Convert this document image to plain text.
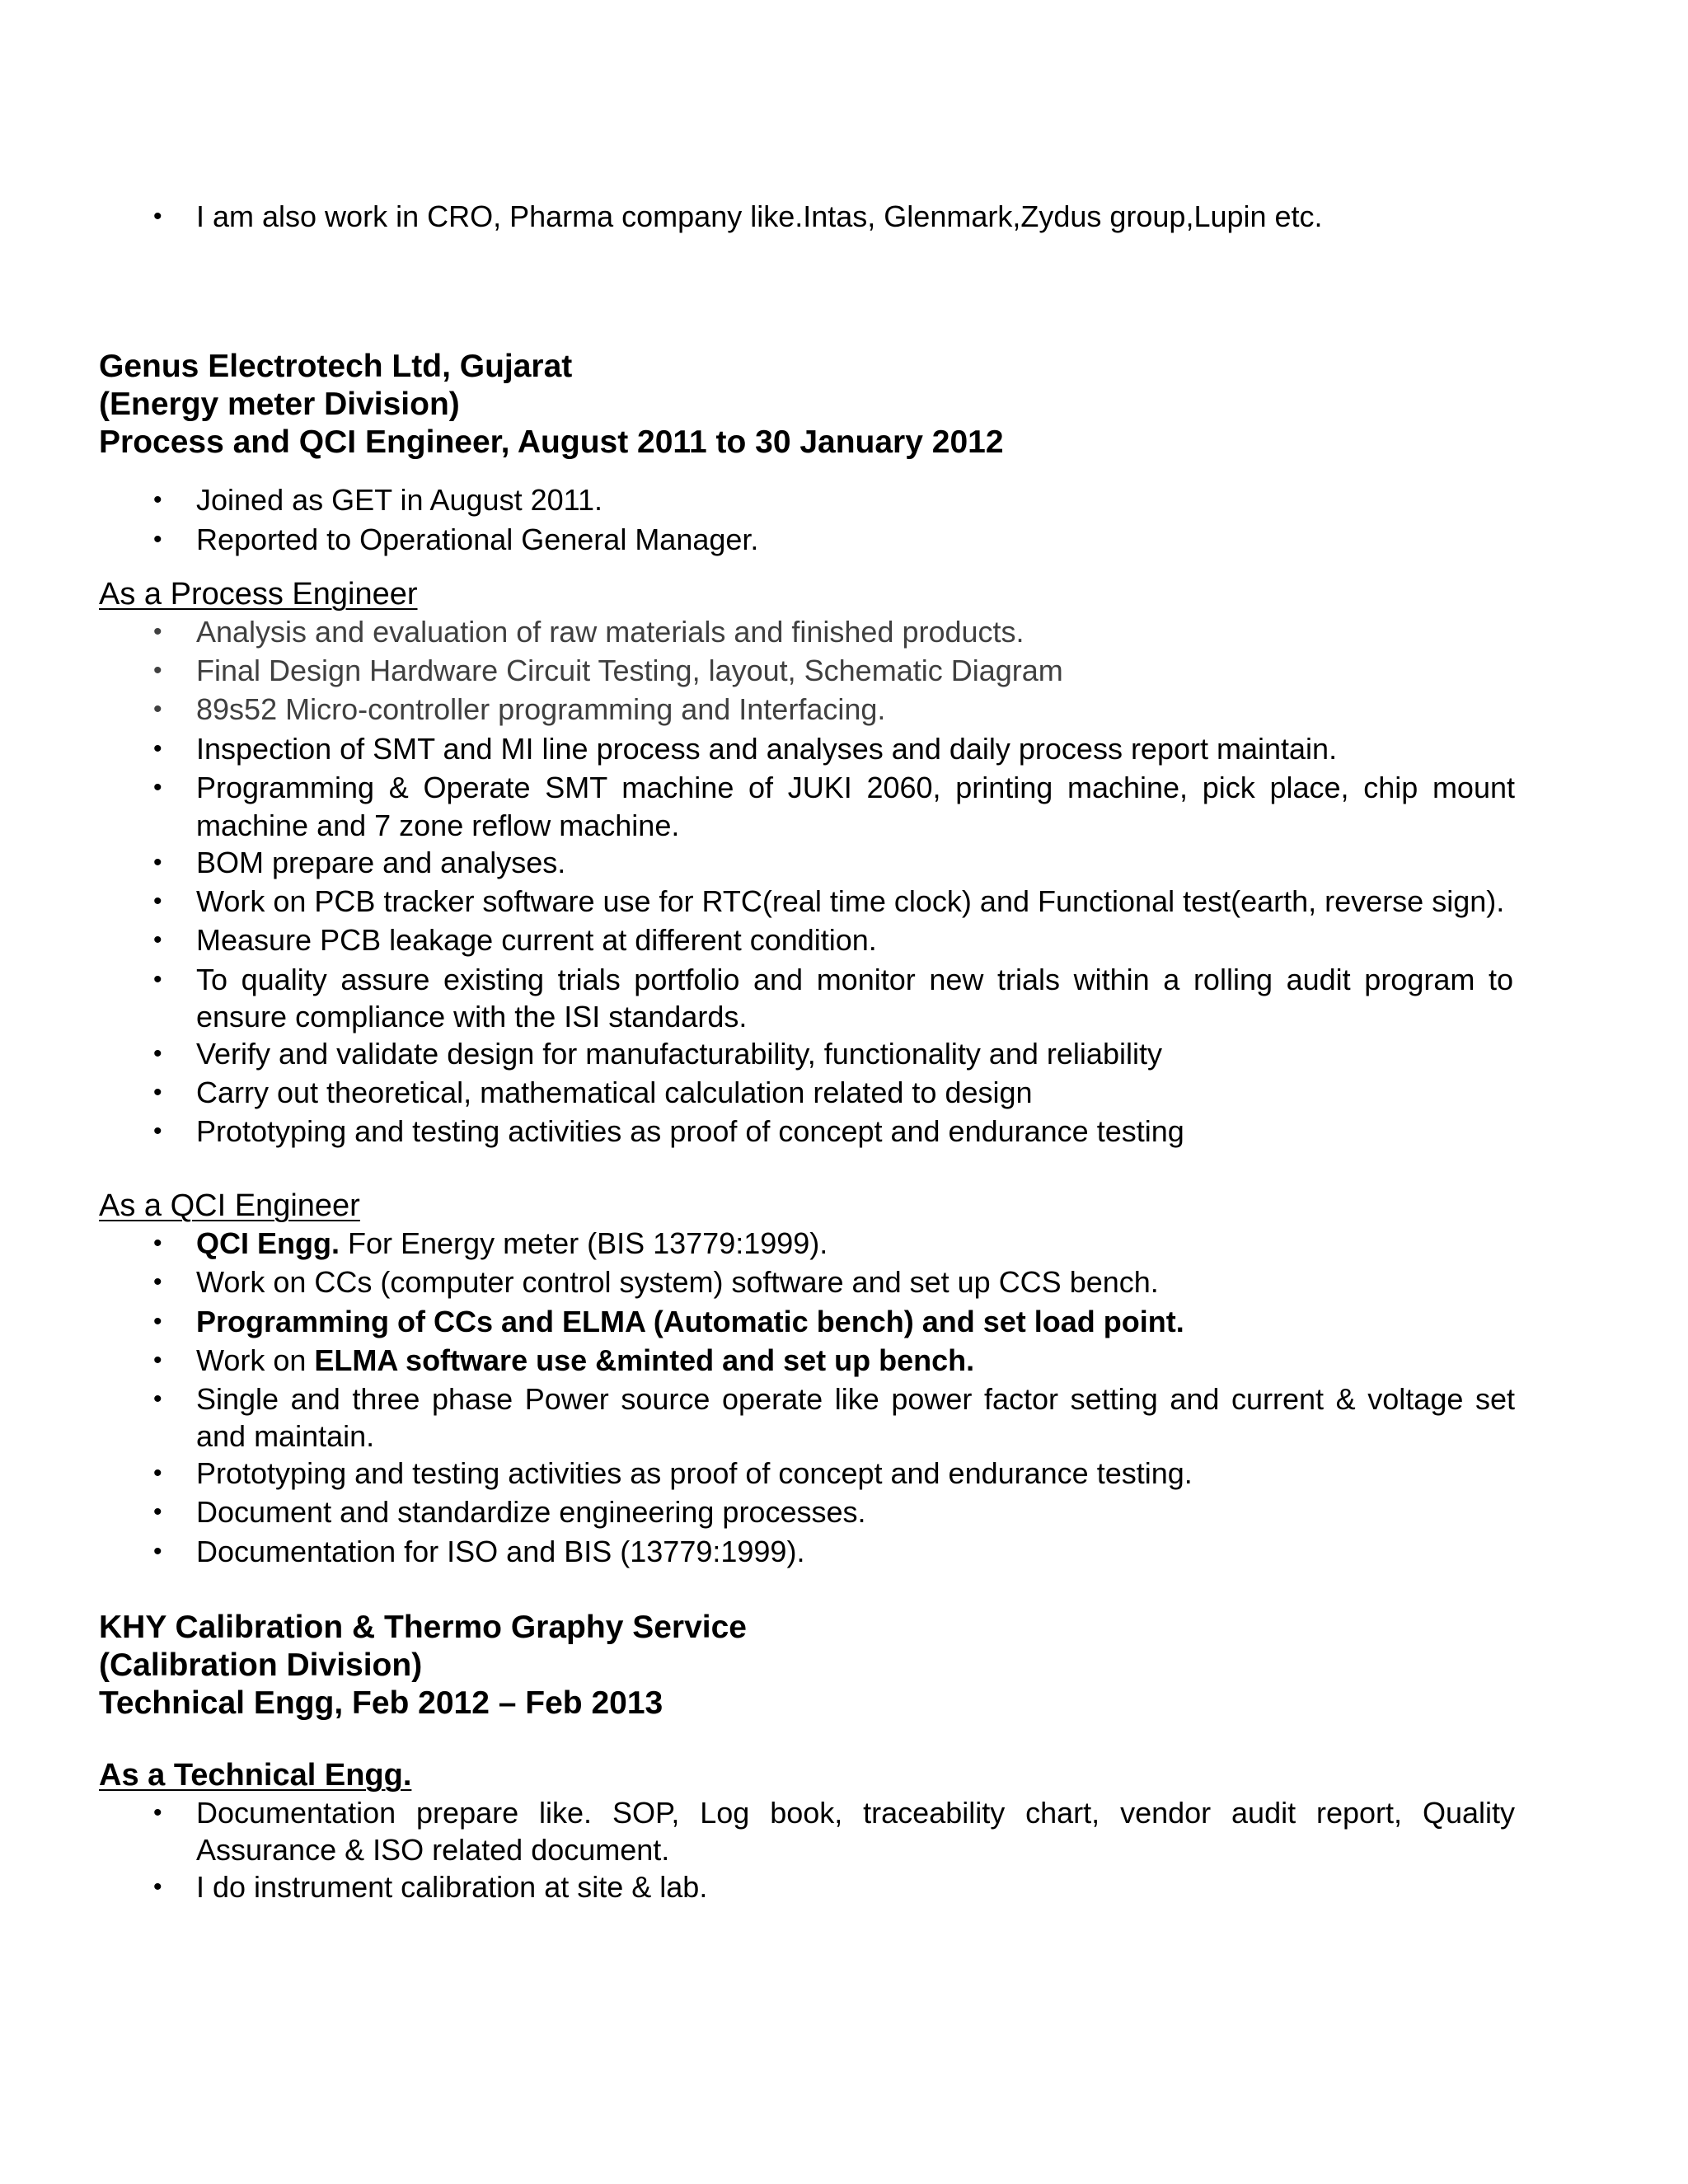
• I am also work in CRO, Pharma company like.Intas, Glenmark,Zydus group,Lupin etc.
Genus Electrotech Ltd, Gujarat
(Energy meter Division)
Process and QCI Engineer, August 2011 to 30 January 2012
• Joined as GET in August 2011.
• Reported to Operational General Manager.
As a Process Engineer
• Analysis and evaluation of raw materials and finished products.
• Final Design Hardware Circuit Testing, layout, Schematic Diagram
• 89s52 Micro-controller programming and Interfacing.
• Inspection of SMT and MI line process and analyses and daily process report maintain.
• Programming & Operate SMT machine of JUKI 2060, printing machine, pick place, chip mount
machine and 7 zone reflow machine.
• BOM prepare and analyses.
• Work on PCB tracker software use for RTC(real time clock) and Functional test(earth, reverse sign).
• Measure PCB leakage current at different condition.
• To quality assure existing trials portfolio and monitor new trials within a rolling audit program to
ensure compliance with the ISI standards.
• Verify and validate design for manufacturability, functionality and reliability
• Carry out theoretical, mathematical calculation related to design
• Prototyping and testing activities as proof of concept and endurance testing
As a QCI Engineer
• QCI Engg. For Energy meter (BIS 13779:1999).
• Work on CCs (computer control system) software and set up CCS bench.
• Programming of CCs and ELMA (Automatic bench) and set load point.
• Work on ELMA software use &minted and set up bench.
• Single and three phase Power source operate like power factor setting and current & voltage set
and maintain.
• Prototyping and testing activities as proof of concept and endurance testing.
• Document and standardize engineering processes.
• Documentation for ISO and BIS (13779:1999).
KHY Calibration & Thermo Graphy Service
(Calibration Division)
Technical Engg, Feb 2012 – Feb 2013
As a Technical Engg.
• Documentation prepare like. SOP, Log book, traceability chart, vendor audit report, Quality
Assurance & ISO related document.
• I do instrument calibration at site & lab.
